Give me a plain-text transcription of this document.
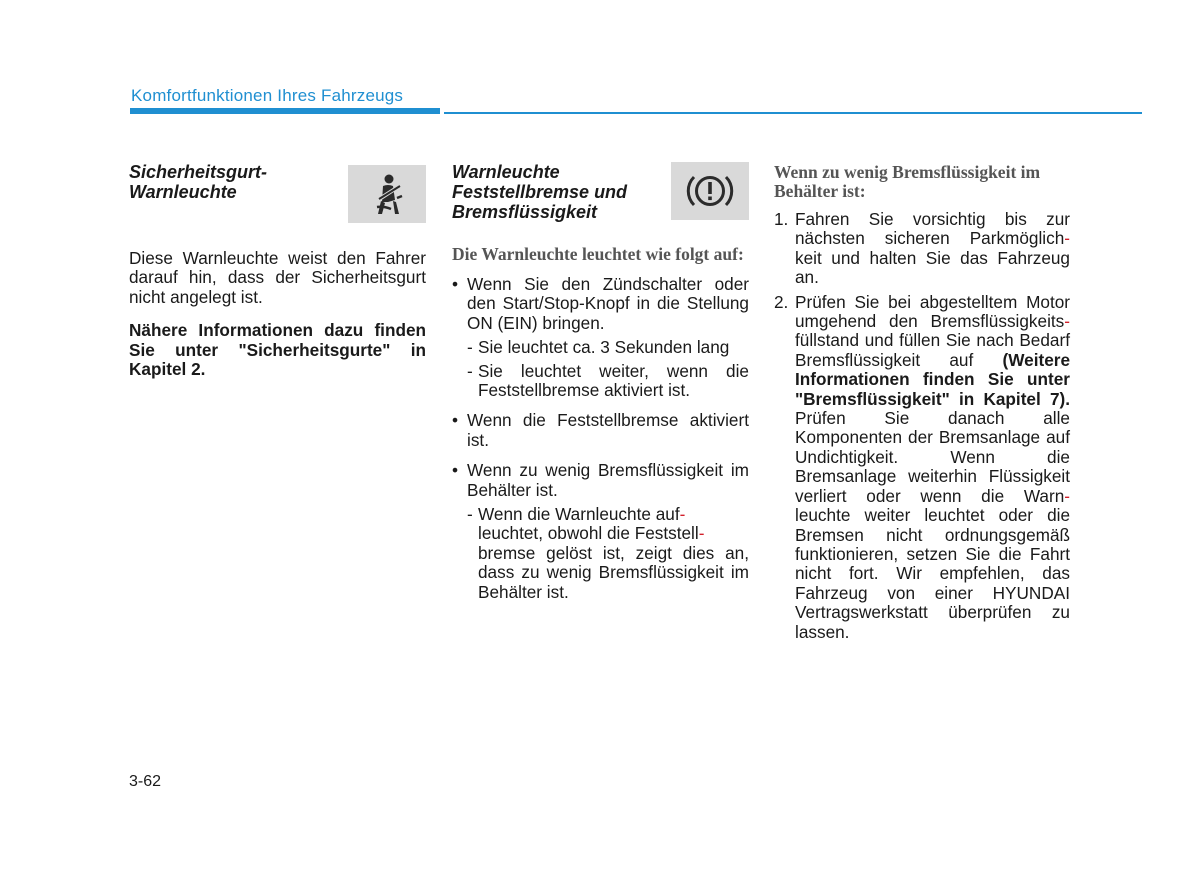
Komfortfunktionen Ihres Fahrzeugs
Sicherheitsgurt-
Warnleuchte

Diese Warnleuchte weist den Fahrer darauf hin, dass der Sicherheitsgurt nicht angelegt ist.

Nähere Informationen dazu finden Sie unter "Sicherheitsgurte" in Kapitel 2.

Warnleuchte
Feststellbremse und
Bremsflüssigkeit

Die Warnleuchte leuchtet wie folgt auf:

• Wenn Sie den Zündschalter oder den Start/Stop-Knopf in die Stellung ON (EIN) bringen.
- Sie leuchtet ca. 3 Sekunden lang
- Sie leuchtet weiter, wenn die Feststellbremse aktiviert ist.
• Wenn die Feststellbremse aktiviert ist.
• Wenn zu wenig Bremsflüssigkeit im Behälter ist.
- Wenn die Warnleuchte auf-
leuchtet, obwohl die Feststell-
bremse gelöst ist, zeigt dies an, dass zu wenig Bremsflüssigkeit im Behälter ist.

Wenn zu wenig Bremsflüssigkeit im Behälter ist:

1. Fahren Sie vorsichtig bis zur nächsten sicheren Parkmöglich- keit und halten Sie das Fahrzeug an.
2. Prüfen Sie bei abgestelltem Motor umgehend den Bremsflüssigkeits- füllstand und füllen Sie nach Bedarf Bremsflüssigkeit auf (Weitere Informationen finden Sie unter "Bremsflüssigkeit" in Kapitel 7). Prüfen Sie danach alle Komponenten der Bremsanlage auf Undichtigkeit. Wenn die Bremsanlage weiterhin Flüssigkeit verliert oder wenn die Warn- leuchte weiter leuchtet oder die Bremsen nicht ordnungsgemäß funktionieren, setzen Sie die Fahrt nicht fort. Wir empfehlen, das Fahrzeug von einer HYUNDAI Vertragswerkstatt überprüfen zu lassen.
3-62
